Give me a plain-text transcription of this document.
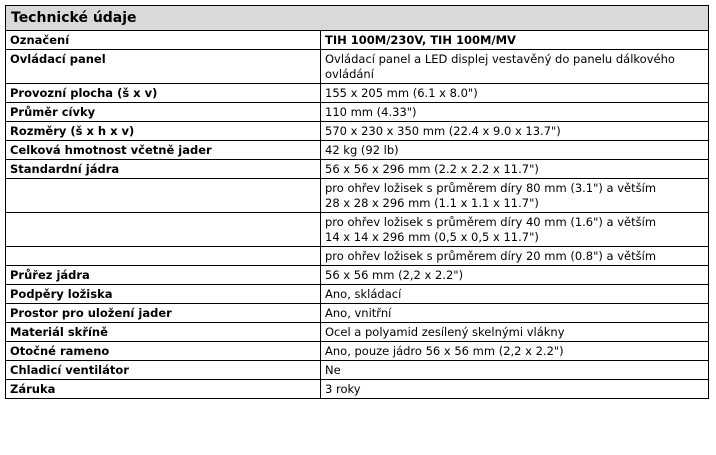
Technické údaje
Označení	TIH 100M/230V, TIH 100M/MV
Ovládací panel	Ovládací panel a LED displej vestavěný do panelu dálkového
ovládání
Provozní plocha (š x v)	155 x 205 mm (6.1 x 8.0")
Průměr cívky	110 mm (4.33")
Rozměry (š x h x v)	570 x 230 x 350 mm (22.4 x 9.0 x 13.7")
Celková hmotnost včetně jader	42 kg (92 lb)
Standardní jádra	56 x 56 x 296 mm (2.2 x 2.2 x 11.7")
	pro ohřev ložisek s průměrem díry 80 mm (3.1") a větším
28 x 28 x 296 mm (1.1 x 1.1 x 11.7")
	pro ohřev ložisek s průměrem díry 40 mm (1.6") a větším
14 x 14 x 296 mm (0,5 x 0,5 x 11.7")
	pro ohřev ložisek s průměrem díry 20 mm (0.8") a větším
Průřez jádra	56 x 56 mm (2,2 x 2.2")
Podpěry ložiska	Ano, skládací
Prostor pro uložení jader	Ano, vnitřní
Materiál skříně	Ocel a polyamid zesílený skelnými vlákny
Otočné rameno	Ano, pouze jádro 56 x 56 mm (2,2 x 2.2")
Chladicí ventilátor	Ne
Záruka	3 roky
